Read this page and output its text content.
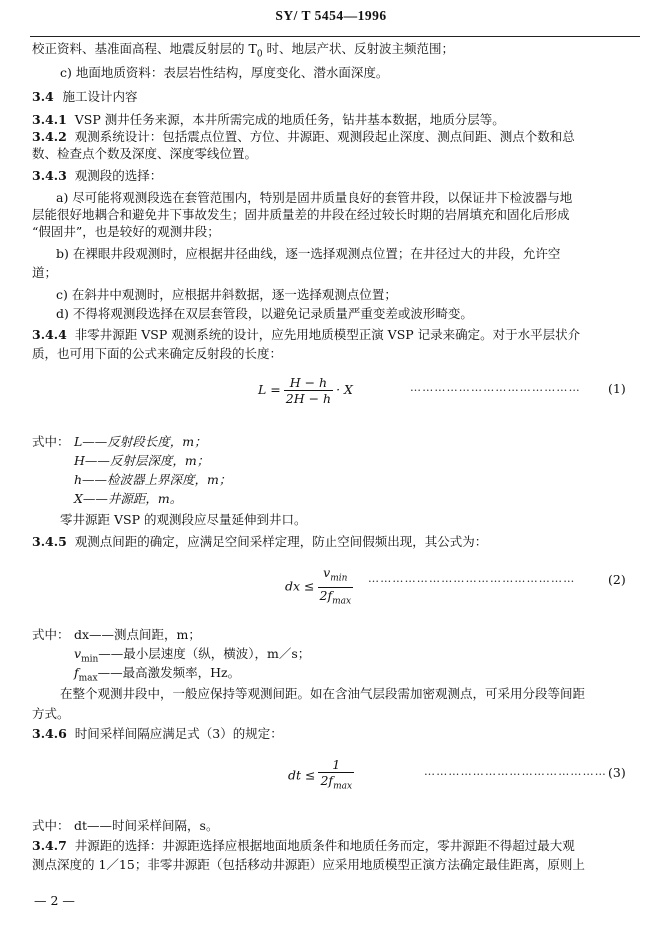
SY/ T 5454—1996
校正资料、基准面高程、地震反射层的 $T_0$ 时、地层产状、反射波主频范围；
c) 地面地质资料：表层岩性结构，厚度变化、潜水面深度。
3.4 施工设计内容
3.4.1 VSP 测井任务来源，本井所需完成的地质任务，钻井基本数据，地质分层等。
3.4.2 观测系统设计：包括震点位置、方位、井源距、观测段起止深度、测点间距、测点个数和总
数、检查点个数及深度、深度零线位置。
3.4.3 观测段的选择：
a) 尽可能将观测段选在套管范围内，特别是固井质量良好的套管井段，以保证井下检波器与地
层能很好地耦合和避免井下事故发生；固井质量差的井段在经过较长时期的岩屑填充和固化后形成
“假固井”，也是较好的观测井段；
b) 在裸眼井段观测时，应根据井径曲线，逐一选择观测点位置；在井径过大的井段，允许空
道；
c) 在斜井中观测时，应根据井斜数据，逐一选择观测点位置；
d) 不得将观测段选择在双层套管段，以避免记录质量严重变差或波形畸变。
3.4.4 非零井源距 VSP 观测系统的设计，应先用地质模型正演 VSP 记录来确定。对于水平层状介
质，也可用下面的公式来确定反射段的长度：
$L = \frac{H - h}{2H - h} \cdot X$	…………………………………… (1)
式中： L——反射段长度，m；
H——反射层深度，m；
h——检波器上界深度，m；
X——井源距，m。
零井源距 VSP 的观测段应尽量延伸到井口。
3.4.5 观测点间距的确定，应满足空间采样定理，防止空间假频出现，其公式为：
dx ≤
$v_{min}$
$2f_{max}$
……………………………………………	(2)
式中： dx——测点间距，m；
$v_{min}——$最小层速度（纵，横波），m／s；
$f_{max}——$最高激发频率，Hz。
在整个观测井段中，一般应保持等观测间距。如在含油气层段需加密观测点，可采用分段等间距
方式。
3.4.6 时间采样间隔应满足式（3）的规定：
dt ≤
1
$2f_{max}$
……………………………………… (3)
式中： dt——时间采样间隔，s。
3.4.7 井源距的选择：井源距选择应根据地面地质条件和地质任务而定，零井源距不得超过最大观
测点深度的 1／15；非零井源距（包括移动井源距）应采用地质模型正演方法确定最佳距离，原则上
— 2 —
